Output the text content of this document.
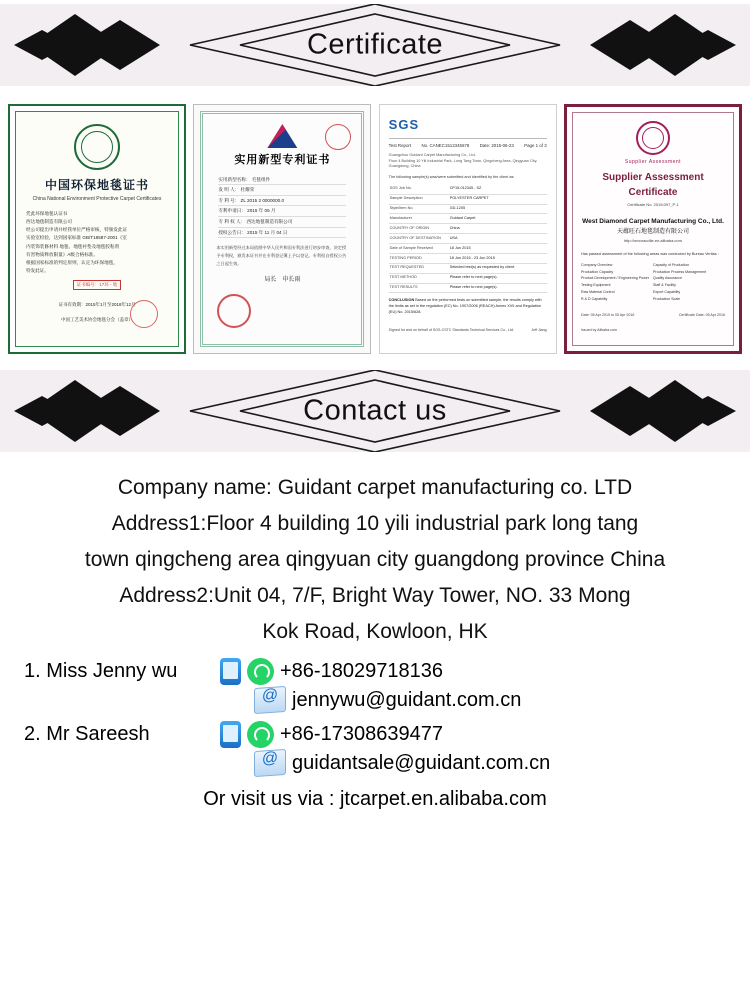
Certificate
中国环保地毯证书
China National Environment Protective Carpet Certificates
凭此环保地毯认证书
西达地毯制造有限公司
经公司提出申请并经我单位严格审核，特颁发此证
实验室检验，达到国家标准 GB/T18587-2001《室
内装饰装修材料 地毯、地毯衬垫及地毯胶粘剂
有害物质释放限量》A级合格标准。
根据国家标准的判定原则，认定为环保地毯，
特发此证。
证书编号：17环 - 地
证书有效期：2015年1月至2018年12月
中国工艺美术协会地毯分会（盖章）
实用新型专利证书
实用新型名称： 毛毯组件
发 明 人： 杜耀荣
专 利 号： ZL 2015 2 0000000.0
专利申请日： 2015 年 05 月
专 利 权 人： 西达地毯制造有限公司
授权公告日： 2015 年 11 月 04 日
本实用新型经过本局依照中华人民共和国专利法进行初步审查，决定授予专利权，颁发本证书并在专利登记簿上予以登记。专利权自授权公告之日起生效。
局长　申长雨
SGS
Test Report No. CANEC1512345678 Date: 2015-06-23 Page 1 of 3
Guangzhou Guidant Carpet Manufacturing Co., Ltd.
Floor 4 Building 10 Yili Industrial Park, Long Tang Town, Qingcheng Area, Qingyuan City, Guangdong, China
The following sample(s) was/were submitted and identified by the client as:
SGS Job No.	CP15-012345 - SZ
Sample Description	POLYESTER CARPET
Style/Item No.	GD-1205
Manufacturer	Guidant Carpet
COUNTRY OF ORIGIN	China
COUNTRY OF DESTINATION	USA
Date of Sample Received	18 Jun 2015
TESTING PERIOD	18 Jun 2015 - 23 Jun 2015
TEST REQUESTED	Selected test(s) as requested by client.
TEST METHOD	Please refer to next page(s).
TEST RESULTS	Please refer to next page(s).
CONCLUSION Based on the performed tests on submitted sample, the results comply with the limits as set in the regulation (EC) No. 1907/2006 (REACH) Annex XVII and Regulation (EU) No. 2015/628.
Signed for and on behalf of SGS-CSTC Standards Technical Services Co., Ltd.	Jeff Jiang
Supplier Assessment
Supplier Assessment Certificate
Certificate No. 2015:097_P-1
West Diamond Carpet Manufacturing Co., Ltd.
天蕴旺石地毯制造有限公司
http://wvcnaodile.en.alibaba.com
Has passed assessment of the following areas was conducted by Bureau Veritas :
Company Overview	Capacity of Production
Production Capacity	Production Process Management
Product Development / Engineering Power	Quality Assurance
Testing Equipment	Staff & Facility
Raw Material Control	Export Capability
R & D Capability	Production Scale
Date: 05 Apr 2015 to 05 Apr 2016	Certificate Date: 05 Apr 2016
Issued by Alibaba.com
Contact us
Company name: Guidant carpet manufacturing co. LTD
Address1:Floor 4 building 10 yili industrial park long tang
town qingcheng area qingyuan city guangdong province China
Address2:Unit 04, 7/F, Bright Way Tower, NO. 33 Mong
Kok Road, Kowloon, HK
1. Miss Jenny wu	+86-18029718136
@
jennywu@guidant.com.cn
2. Mr Sareesh	+86-17308639477
@
guidantsale@guidant.com.cn
Or visit us via : jtcarpet.en.alibaba.com
